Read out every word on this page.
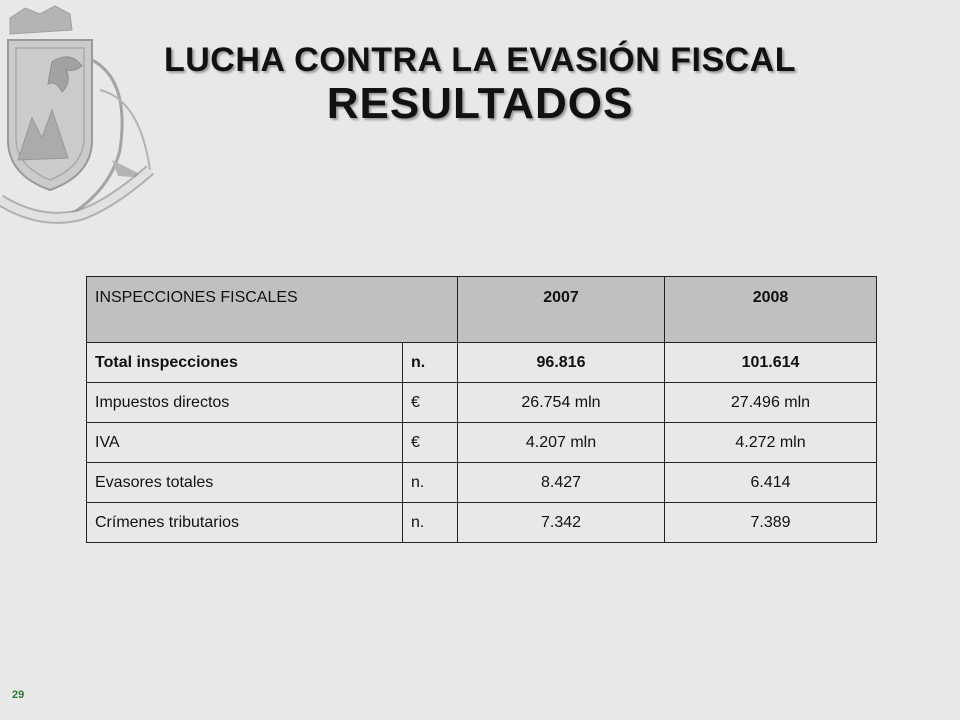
LUCHA CONTRA LA EVASIÓN FISCAL
RESULTADOS
INSPECCIONES FISCALES		2007	2008
Total inspecciones	n.	96.816	101.614
Impuestos directos	€	26.754 mln	27.496 mln
IVA	€	4.207 mln	4.272 mln
Evasores totales	n.	8.427	6.414
Crímenes tributarios	n.	7.342	7.389
29
